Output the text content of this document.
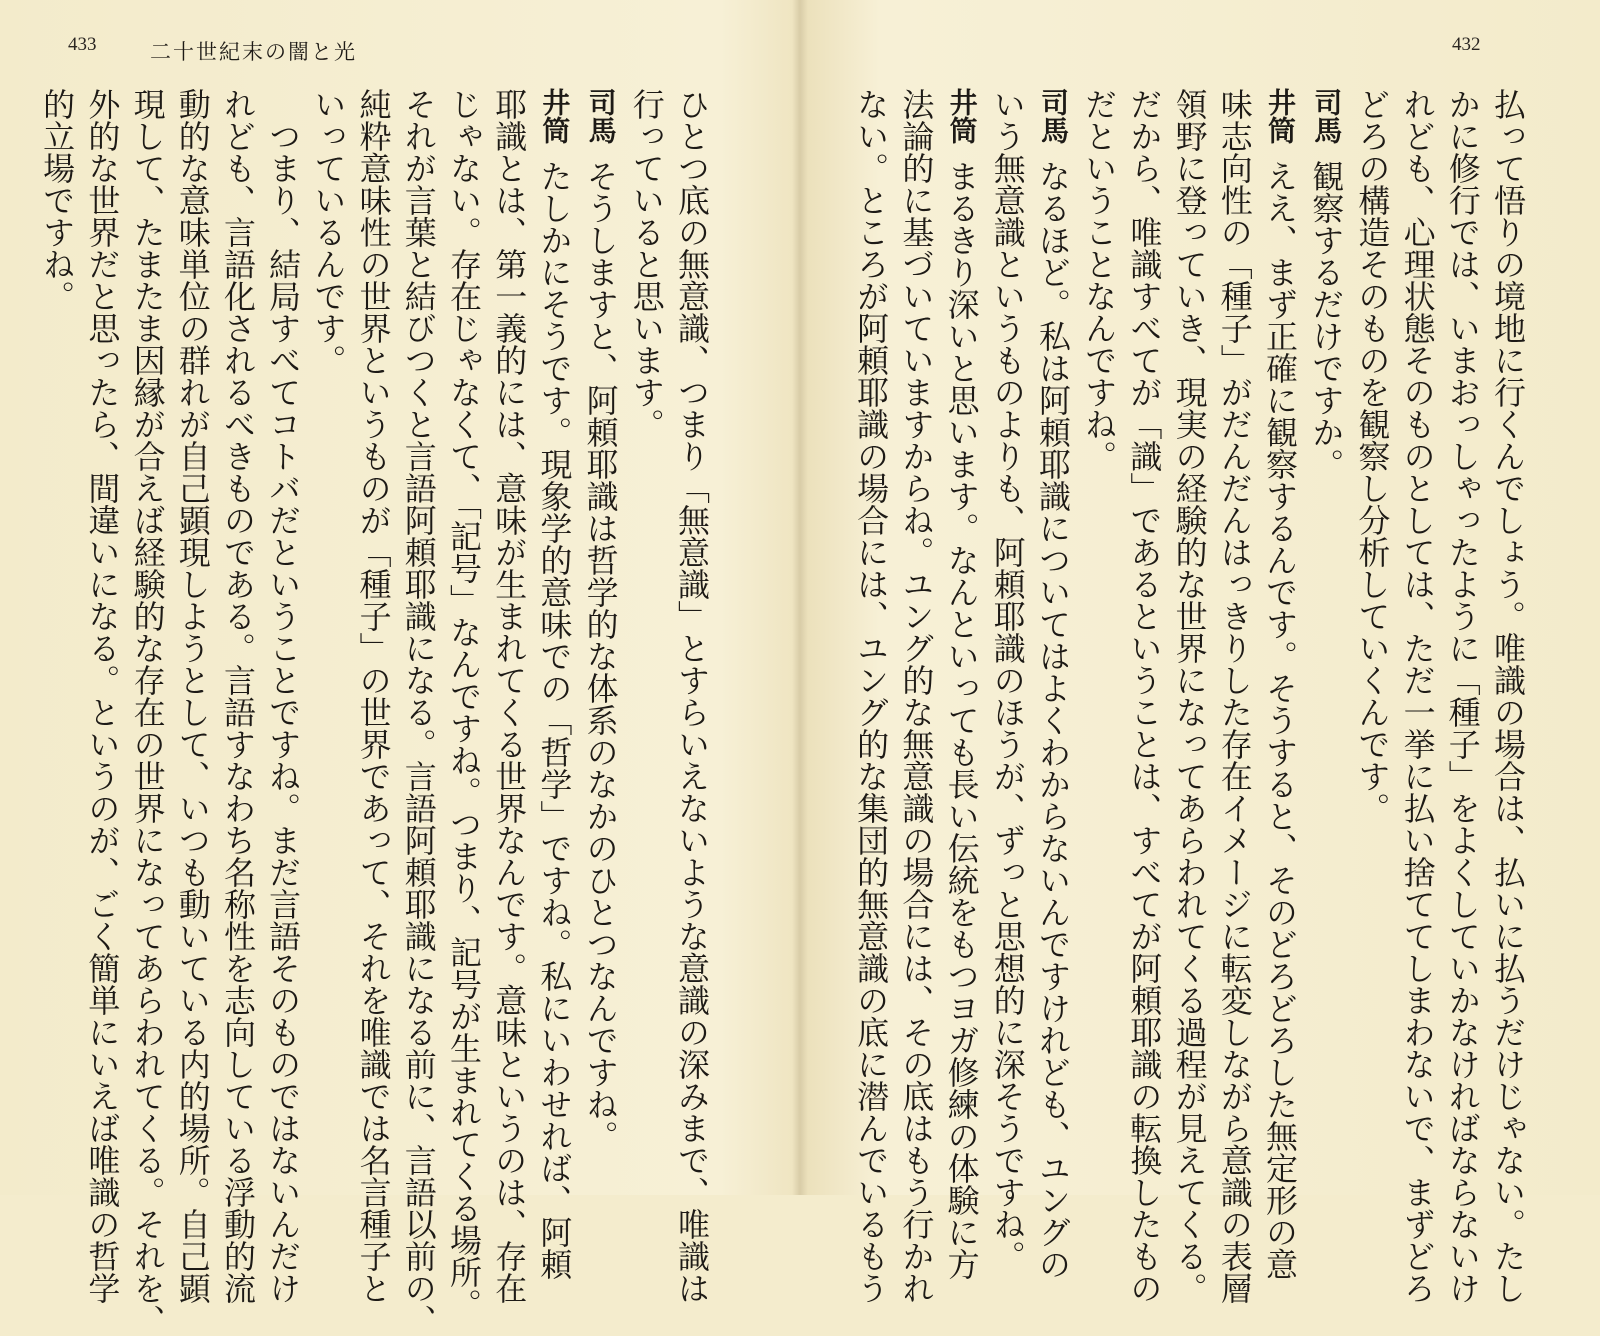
433	二十世紀末の闇と光
ひとつ底の無意識、つまり「無意識」とすらいえないような意識の深みまで、唯識は
行っていると思います。
司馬そうしますと、阿頼耶識は哲学的な体系のなかのひとつなんですね。
井筒たしかにそうです。現象学的意味での「哲学」ですね。私にいわせれば、阿頼
耶識とは、第一義的には、意味が生まれてくる世界なんです。意味というのは、存在
じゃない。存在じゃなくて、「記号」なんですね。つまり、記号が生まれてくる場所。
それが言葉と結びつくと言語阿頼耶識になる。言語阿頼耶識になる前に、言語以前の、
純粋意味性の世界というものが「種子」の世界であって、それを唯識では名言種子と
いっているんです。
つまり、結局すべてコトバだということですね。まだ言語そのものではないんだけ
れども、言語化されるべきものである。言語すなわち名称性を志向している浮動的流
動的な意味単位の群れが自己顕現しようとして、いつも動いている内的場所。自己顕
現して、たまたま因縁が合えば経験的な存在の世界になってあらわれてくる。それを、
外的な世界だと思ったら、間違いになる。というのが、ごく簡単にいえば唯識の哲学
的立場ですね。
432
払って悟りの境地に行くんでしょう。唯識の場合は、払いに払うだけじゃない。たし
かに修行では、いまおっしゃったように「種子」をよくしていかなければならないけ
れども、心理状態そのものとしては、ただ一挙に払い捨ててしまわないで、まずどろ
どろの構造そのものを観察し分析していくんです。
司馬観察するだけですか。
井筒ええ、まず正確に観察するんです。そうすると、そのどろどろした無定形の意
味志向性の「種子」がだんだんはっきりした存在イメージに転変しながら意識の表層
領野に登っていき、現実の経験的な世界になってあらわれてくる過程が見えてくる。
だから、唯識すべてが「識」であるということは、すべてが阿頼耶識の転換したもの
だということなんですね。
司馬なるほど。私は阿頼耶識についてはよくわからないんですけれども、ユングの
いう無意識というものよりも、阿頼耶識のほうが、ずっと思想的に深そうですね。
井筒まるきり深いと思います。なんといっても長い伝統をもつヨガ修練の体験に方
法論的に基づいていますからね。ユング的な無意識の場合には、その底はもう行かれ
ない。ところが阿頼耶識の場合には、ユング的な集団的無意識の底に潜んでいるもう
